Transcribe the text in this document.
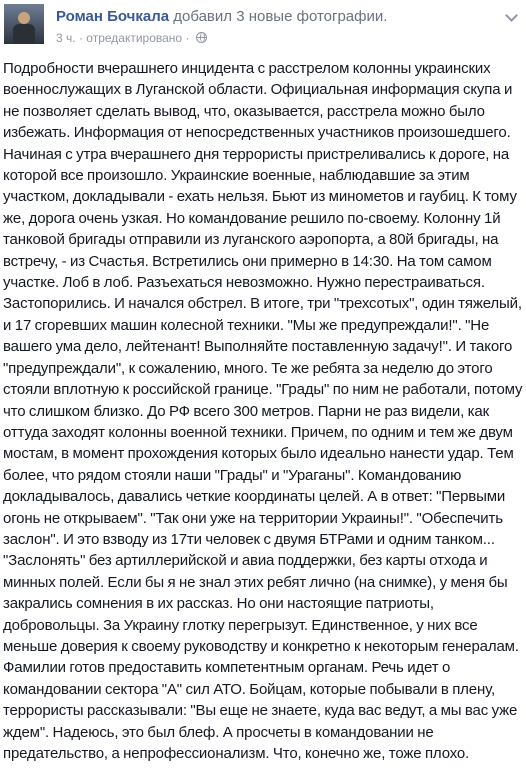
Роман Бочкала добавил 3 новые фотографии.
3 ч. · отредактировано ·

Подробности вчерашнего инцидента с расстрелом колонны украинских военнослужащих в Луганской области. Официальная информация скупа и не позволяет сделать вывод, что, оказывается, расстрела можно было избежать. Информация от непосредственных участников произошедшего. Начиная с утра вчерашнего дня террористы пристреливались к дороге, на которой все произошло. Украинские военные, наблюдавшие за этим участком, докладывали - ехать нельзя. Бьют из минометов и гаубиц. К тому же, дорога очень узкая. Но командование решило по-своему. Колонну 1й танковой бригады отправили из луганского аэропорта, а 80й бригады, на встречу, - из Счастья. Встретились они примерно в 14:30. На том самом участке. Лоб в лоб. Разъехаться невозможно. Нужно перестраиваться. Застопорились. И начался обстрел. В итоге, три "трехсотых", один тяжелый, и 17 сгоревших машин колесной техники. "Мы же предупреждали!". "Не вашего ума дело, лейтенант! Выполняйте поставленную задачу!". И такого "предупреждали", к сожалению, много. Те же ребята за неделю до этого стояли вплотную к российской границе. "Грады" по ним не работали, потому что слишком близко. До РФ всего 300 метров. Парни не раз видели, как оттуда заходят колонны военной техники. Причем, по одним и тем же двум мостам, в момент прохождения которых было идеально нанести удар. Тем более, что рядом стояли наши "Грады" и "Ураганы". Командованию докладывалось, давались четкие координаты целей. А в ответ: "Первыми огонь не открываем". "Так они уже на территории Украины!". "Обеспечить заслон". И это взводу из 17ти человек с двумя БТРами и одним танком... "Заслонять" без артиллерийской и авиа поддержки, без карты отхода и минных полей. Если бы я не знал этих ребят лично (на снимке), у меня бы закрались сомнения в их рассказ. Но они настоящие патриоты, добровольцы. За Украину глотку перегрызут. Единственное, у них все меньше доверия к своему руководству и конкретно к некоторым генералам. Фамилии готов предоставить компетентным органам. Речь идет о командовании сектора "А" сил АТО. Бойцам, которые побывали в плену, террористы рассказывали: "Вы еще не знаете, куда вас ведут, а мы вас уже ждем". Надеюсь, это был блеф. А просчеты в командовании не предательство, а непрофессионализм. Что, конечно же, тоже плохо.
